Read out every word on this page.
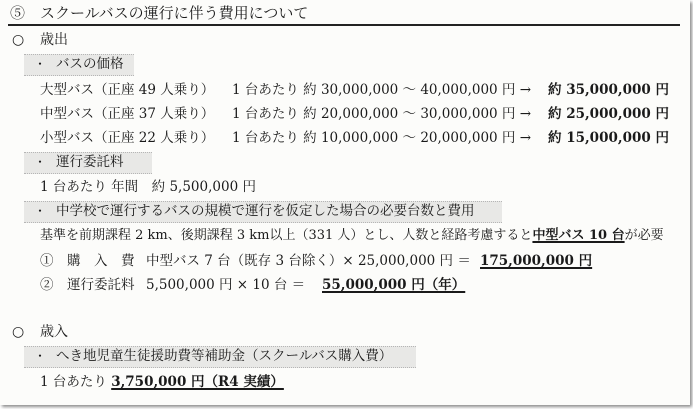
⑤　スクールバスの運行に伴う費用について
○ 歳出
・ バスの価格
大型バス（正座 49 人乗り） 1 台あたり 約 30,000,000 ～ 40,000,000 円 → 約 35,000,000 円
中型バス（正座 37 人乗り） 1 台あたり 約 20,000,000 ～ 30,000,000 円 → 約 25,000,000 円
小型バス（正座 22 人乗り） 1 台あたり 約 10,000,000 ～ 20,000,000 円 → 約 15,000,000 円
・ 運行委託料
1 台あたり 年間　約 5,500,000 円
・ 中学校で運行するバスの規模で運行を仮定した場合の必要台数と費用
基準を前期課程 2 km、後期課程 3 km以上（331 人）とし、人数と経路考慮すると中型バス 10 台が必要
①　購　入　費 中型バス 7 台（既存 3 台除く）× 25,000,000 円 ＝ 175,000,000 円
②　運行委託料 5,500,000 円 × 10 台 ＝ 55,000,000 円（年）
○ 歳入
・ へき地児童生徒援助費等補助金（スクールバス購入費）
1 台あたり 3,750,000 円（R4 実績）
